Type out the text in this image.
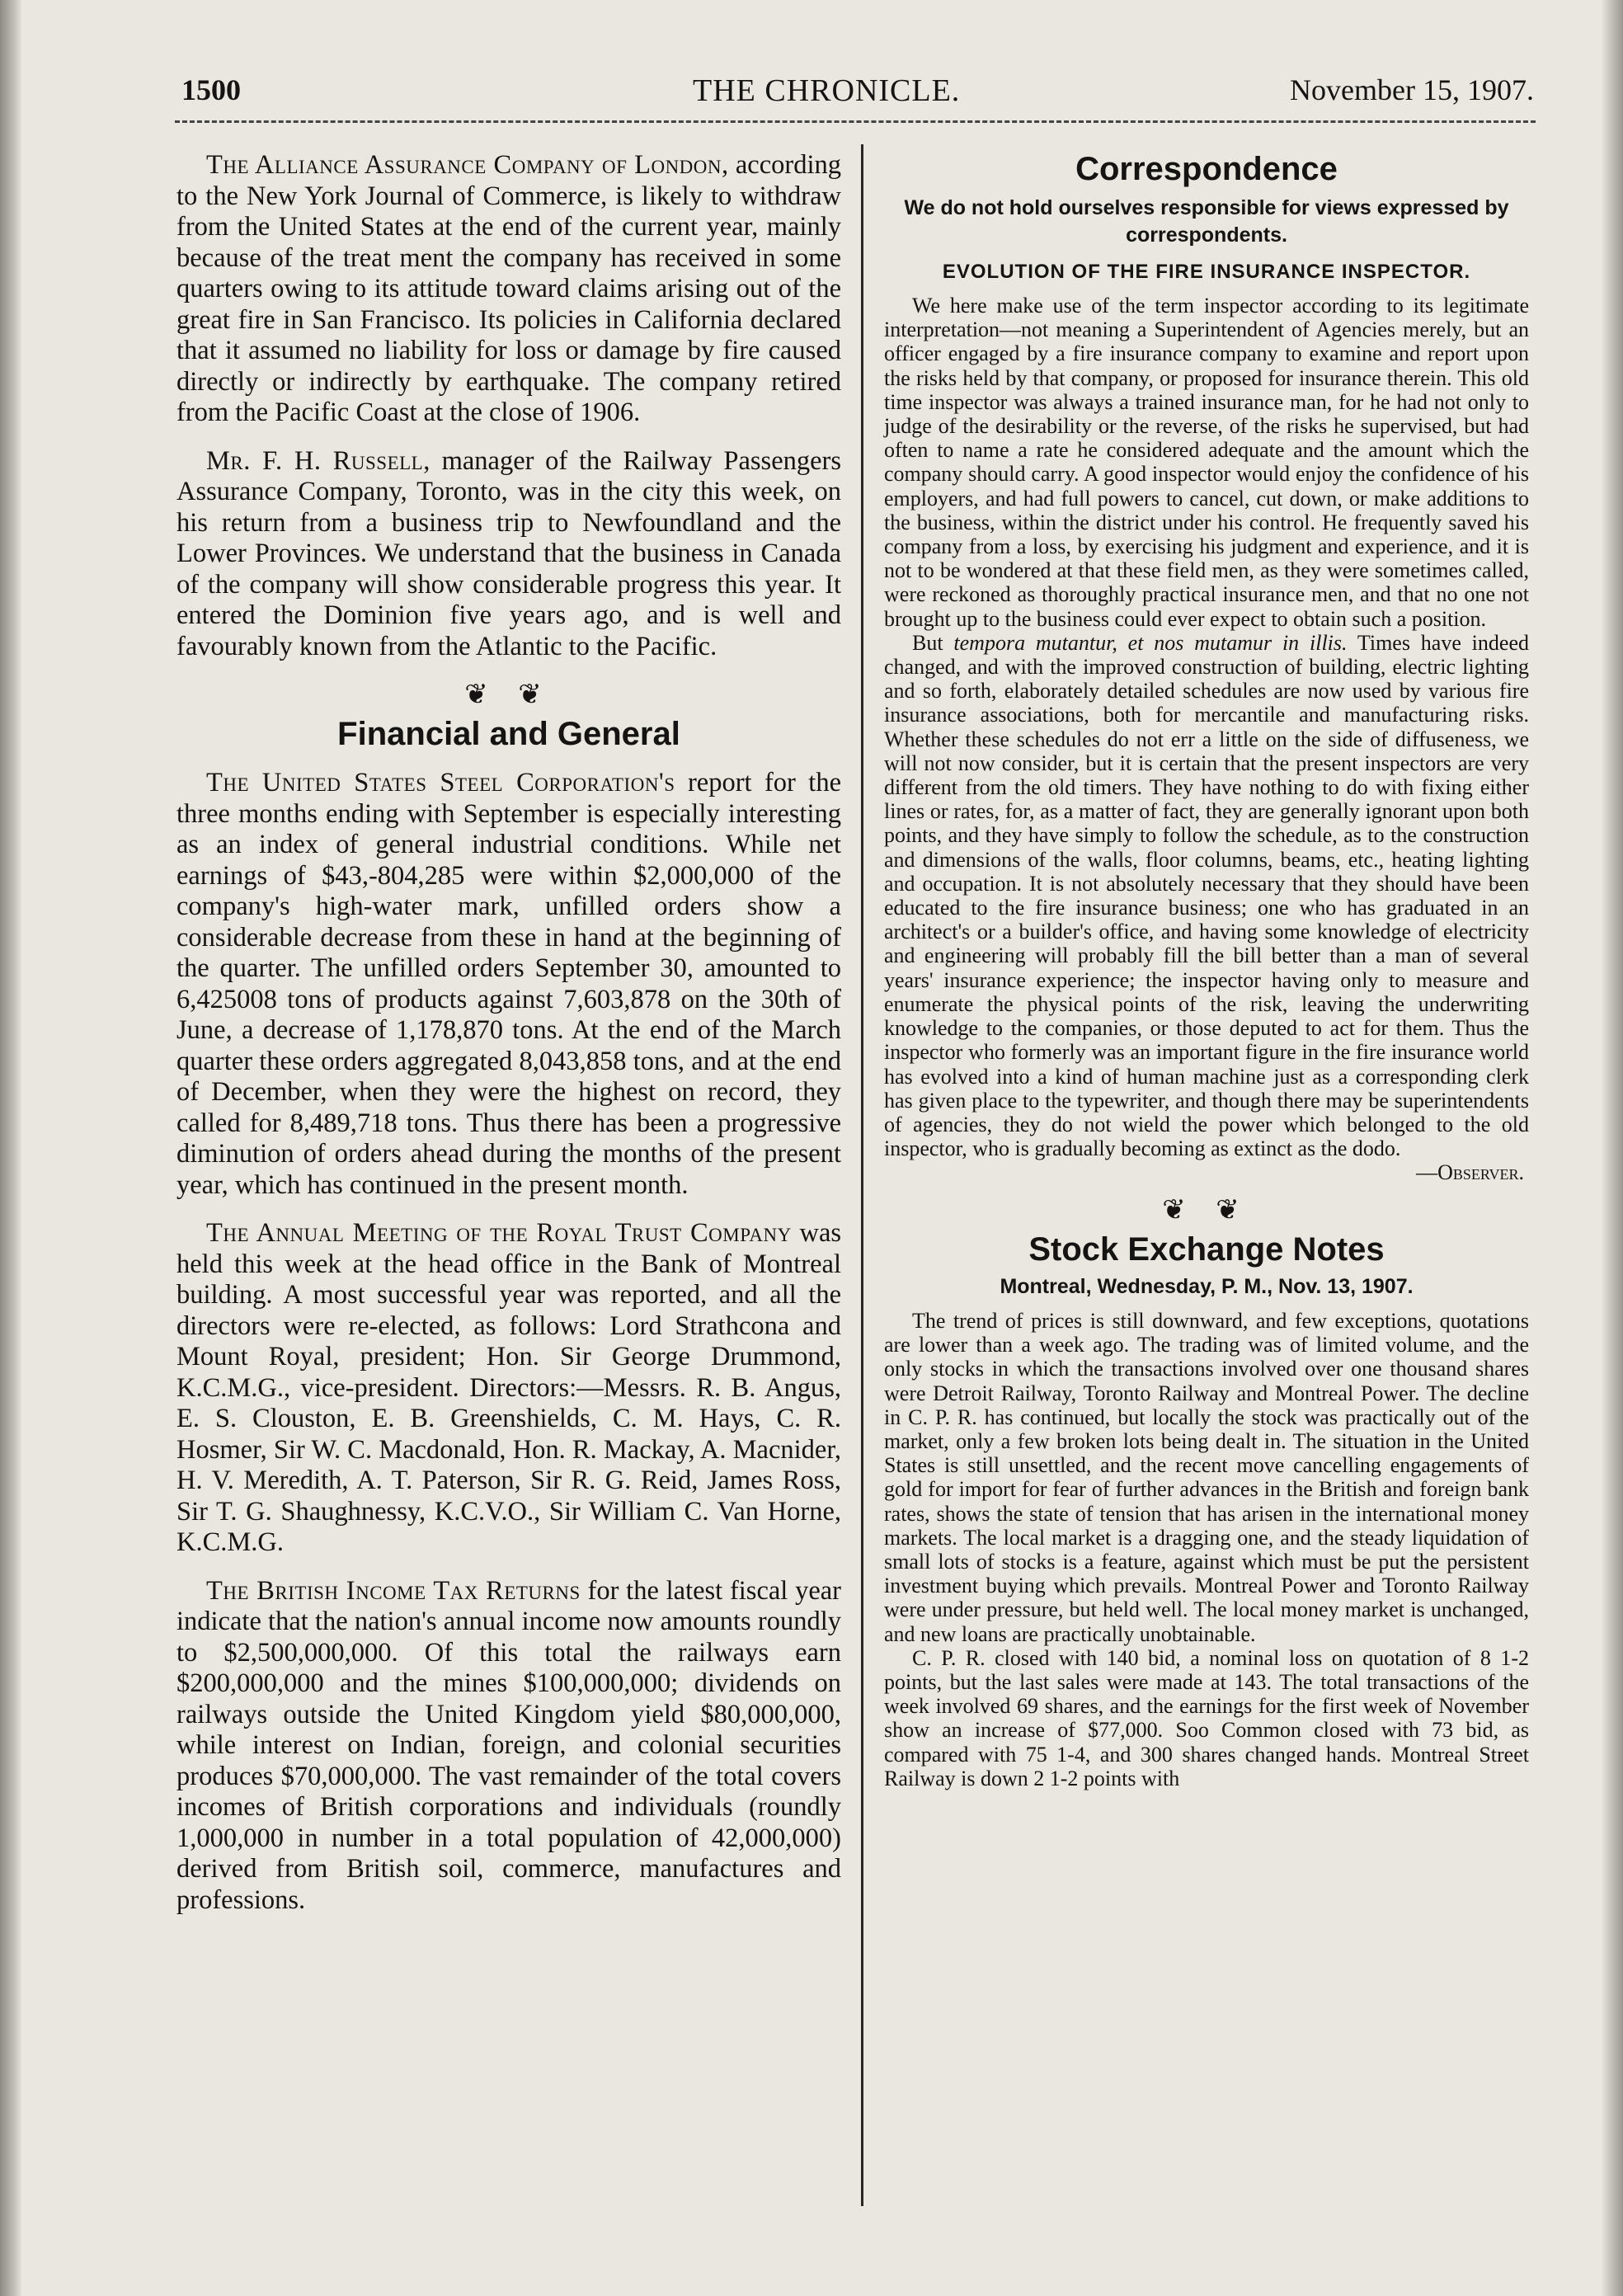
1500	THE CHRONICLE.	November 15, 1907.

The Alliance Assurance Company of London, according to the New York Journal of Commerce, is likely to withdraw from the United States at the end of the current year, mainly because of the treat ment the company has received in some quarters owing to its attitude toward claims arising out of the great fire in San Francisco. Its policies in California declared that it assumed no liability for loss or damage by fire caused directly or indirectly by earthquake. The company retired from the Pacific Coast at the close of 1906.

Mr. F. H. Russell, manager of the Railway Passengers Assurance Company, Toronto, was in the city this week, on his return from a business trip to Newfoundland and the Lower Provinces. We understand that the business in Canada of the company will show considerable progress this year. It entered the Dominion five years ago, and is well and favourably known from the Atlantic to the Pacific.

❦ ❦
Financial and General

The United States Steel Corporation's report for the three months ending with September is especially interesting as an index of general industrial conditions. While net earnings of $43,-804,285 were within $2,000,000 of the company's high-water mark, unfilled orders show a considerable decrease from these in hand at the beginning of the quarter. The unfilled orders September 30, amounted to 6,425008 tons of products against 7,603,878 on the 30th of June, a decrease of 1,178,870 tons. At the end of the March quarter these orders aggregated 8,043,858 tons, and at the end of December, when they were the highest on record, they called for 8,489,718 tons. Thus there has been a progressive diminution of orders ahead during the months of the present year, which has continued in the present month.

The Annual Meeting of the Royal Trust Company was held this week at the head office in the Bank of Montreal building. A most successful year was reported, and all the directors were re-elected, as follows: Lord Strathcona and Mount Royal, president; Hon. Sir George Drummond, K.C.M.G., vice-president. Directors:—Messrs. R. B. Angus, E. S. Clouston, E. B. Greenshields, C. M. Hays, C. R. Hosmer, Sir W. C. Macdonald, Hon. R. Mackay, A. Macnider, H. V. Meredith, A. T. Paterson, Sir R. G. Reid, James Ross, Sir T. G. Shaughnessy, K.C.V.O., Sir William C. Van Horne, K.C.M.G.

The British Income Tax Returns for the latest fiscal year indicate that the nation's annual income now amounts roundly to $2,500,000,000. Of this total the railways earn $200,000,000 and the mines $100,000,000; dividends on railways outside the United Kingdom yield $80,000,000, while interest on Indian, foreign, and colonial securities produces $70,000,000. The vast remainder of the total covers incomes of British corporations and individuals (roundly 1,000,000 in number in a total population of 42,000,000) derived from British soil, commerce, manufactures and professions.

Correspondence
We do not hold ourselves responsible for views expressed by correspondents.
EVOLUTION OF THE FIRE INSURANCE INSPECTOR.

We here make use of the term inspector according to its legitimate interpretation—not meaning a Superintendent of Agencies merely, but an officer engaged by a fire insurance company to examine and report upon the risks held by that company, or proposed for insurance therein. This old time inspector was always a trained insurance man, for he had not only to judge of the desirability or the reverse, of the risks he supervised, but had often to name a rate he considered adequate and the amount which the company should carry. A good inspector would enjoy the confidence of his employers, and had full powers to cancel, cut down, or make additions to the business, within the district under his control. He frequently saved his company from a loss, by exercising his judgment and experience, and it is not to be wondered at that these field men, as they were sometimes called, were reckoned as thoroughly practical insurance men, and that no one not brought up to the business could ever expect to obtain such a position.

But tempora mutantur, et nos mutamur in illis. Times have indeed changed, and with the improved construction of building, electric lighting and so forth, elaborately detailed schedules are now used by various fire insurance associations, both for mercantile and manufacturing risks. Whether these schedules do not err a little on the side of diffuseness, we will not now consider, but it is certain that the present inspectors are very different from the old timers. They have nothing to do with fixing either lines or rates, for, as a matter of fact, they are generally ignorant upon both points, and they have simply to follow the schedule, as to the construction and dimensions of the walls, floor columns, beams, etc., heating lighting and occupation. It is not absolutely necessary that they should have been educated to the fire insurance business; one who has graduated in an architect's or a builder's office, and having some knowledge of electricity and engineering will probably fill the bill better than a man of several years' insurance experience; the inspector having only to measure and enumerate the physical points of the risk, leaving the underwriting knowledge to the companies, or those deputed to act for them. Thus the inspector who formerly was an important figure in the fire insurance world has evolved into a kind of human machine just as a corresponding clerk has given place to the typewriter, and though there may be superintendents of agencies, they do not wield the power which belonged to the old inspector, who is gradually becoming as extinct as the dodo.

—Observer.
❦ ❦
Stock Exchange Notes
Montreal, Wednesday, P. M., Nov. 13, 1907.

The trend of prices is still downward, and few exceptions, quotations are lower than a week ago. The trading was of limited volume, and the only stocks in which the transactions involved over one thousand shares were Detroit Railway, Toronto Railway and Montreal Power. The decline in C. P. R. has continued, but locally the stock was practically out of the market, only a few broken lots being dealt in. The situation in the United States is still unsettled, and the recent move cancelling engagements of gold for import for fear of further advances in the British and foreign bank rates, shows the state of tension that has arisen in the international money markets. The local market is a dragging one, and the steady liquidation of small lots of stocks is a feature, against which must be put the persistent investment buying which prevails. Montreal Power and Toronto Railway were under pressure, but held well. The local money market is unchanged, and new loans are practically unobtainable.

C. P. R. closed with 140 bid, a nominal loss on quotation of 8 1-2 points, but the last sales were made at 143. The total transactions of the week involved 69 shares, and the earnings for the first week of November show an increase of $77,000. Soo Common closed with 73 bid, as compared with 75 1-4, and 300 shares changed hands. Montreal Street Railway is down 2 1-2 points with
